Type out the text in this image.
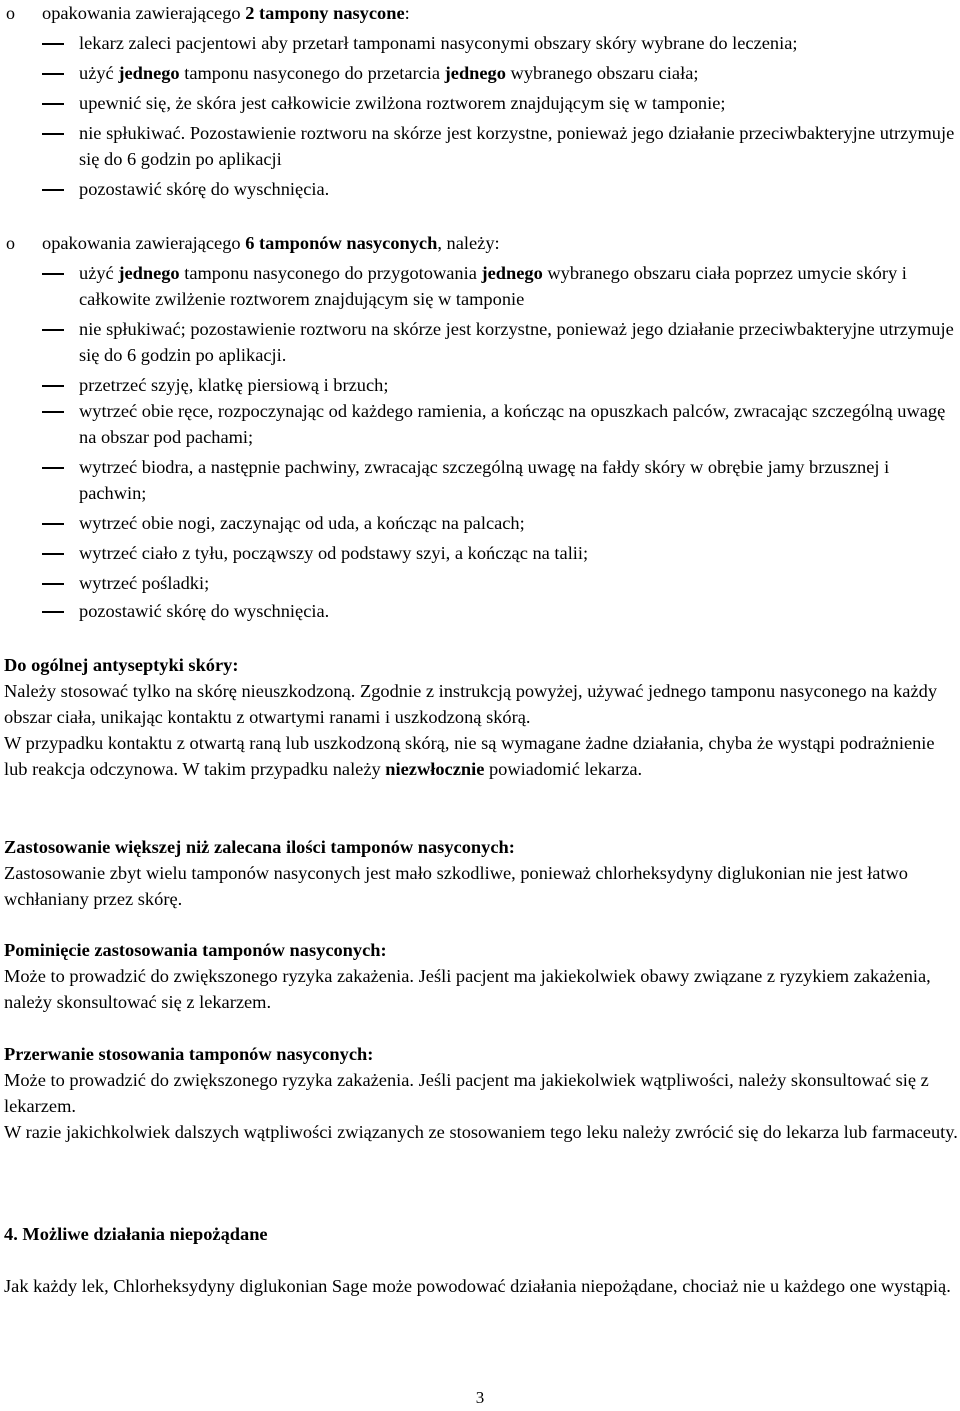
o opakowania zawierającego 2 tampony nasycone:
o opakowania zawierającego 6 tamponów nasyconych, należy:
Do ogólnej antyseptyki skóry:
Należy stosować tylko na skórę nieuszkodzoną. Zgodnie z instrukcją powyżej, używać jednego tamponu nasyconego na każdy obszar ciała, unikając kontaktu z otwartymi ranami i uszkodzoną skórą.
W przypadku kontaktu z otwartą raną lub uszkodzoną skórą, nie są wymagane żadne działania, chyba że wystąpi podrażnienie lub reakcja odczynowa. W takim przypadku należy niezwłocznie powiadomić lekarza.
Zastosowanie większej niż zalecana ilości tamponów nasyconych:
Zastosowanie zbyt wielu tamponów nasyconych jest mało szkodliwe, ponieważ chlorheksydyny diglukonian nie jest łatwo wchłaniany przez skórę.
Pominięcie zastosowania tamponów nasyconych:
Może to prowadzić do zwiększonego ryzyka zakażenia. Jeśli pacjent ma jakiekolwiek obawy związane z ryzykiem zakażenia, należy skonsultować się z lekarzem.
Przerwanie stosowania tamponów nasyconych:
Może to prowadzić do zwiększonego ryzyka zakażenia. Jeśli pacjent ma jakiekolwiek wątpliwości, należy skonsultować się z lekarzem.
W razie jakichkolwiek dalszych wątpliwości związanych ze stosowaniem tego leku należy zwrócić się do lekarza lub farmaceuty.
4. Możliwe działania niepożądane
Jak każdy lek, Chlorheksydyny diglukonian Sage może powodować działania niepożądane, chociaż nie u każdego one wystąpią.
3
lekarz zaleci pacjentowi aby przetarł tamponami nasyconymi obszary skóry wybrane do leczenia;
użyć jednego tamponu nasyconego do przetarcia jednego wybranego obszaru ciała;
upewnić się, że skóra jest całkowicie zwilżona roztworem znajdującym się w tamponie;
nie spłukiwać. Pozostawienie roztworu na skórze jest korzystne, ponieważ jego działanie przeciwbakteryjne utrzymuje się do 6 godzin po aplikacji
pozostawić skórę do wyschnięcia.
użyć jednego tamponu nasyconego do przygotowania jednego wybranego obszaru ciała poprzez umycie skóry i całkowite zwilżenie roztworem znajdującym się w tamponie
nie spłukiwać; pozostawienie roztworu na skórze jest korzystne, ponieważ jego działanie przeciwbakteryjne utrzymuje się do 6 godzin po aplikacji.
przetrzeć szyję, klatkę piersiową i brzuch;
wytrzeć obie ręce, rozpoczynając od każdego ramienia, a kończąc na opuszkach palców, zwracając szczególną uwagę na obszar pod pachami;
wytrzeć biodra, a następnie pachwiny, zwracając szczególną uwagę na fałdy skóry w obrębie jamy brzusznej i pachwin;
wytrzeć obie nogi, zaczynając od uda, a kończąc na palcach;
wytrzeć ciało z tyłu, począwszy od podstawy szyi, a kończąc na talii;
wytrzeć pośladki;
pozostawić skórę do wyschnięcia.
